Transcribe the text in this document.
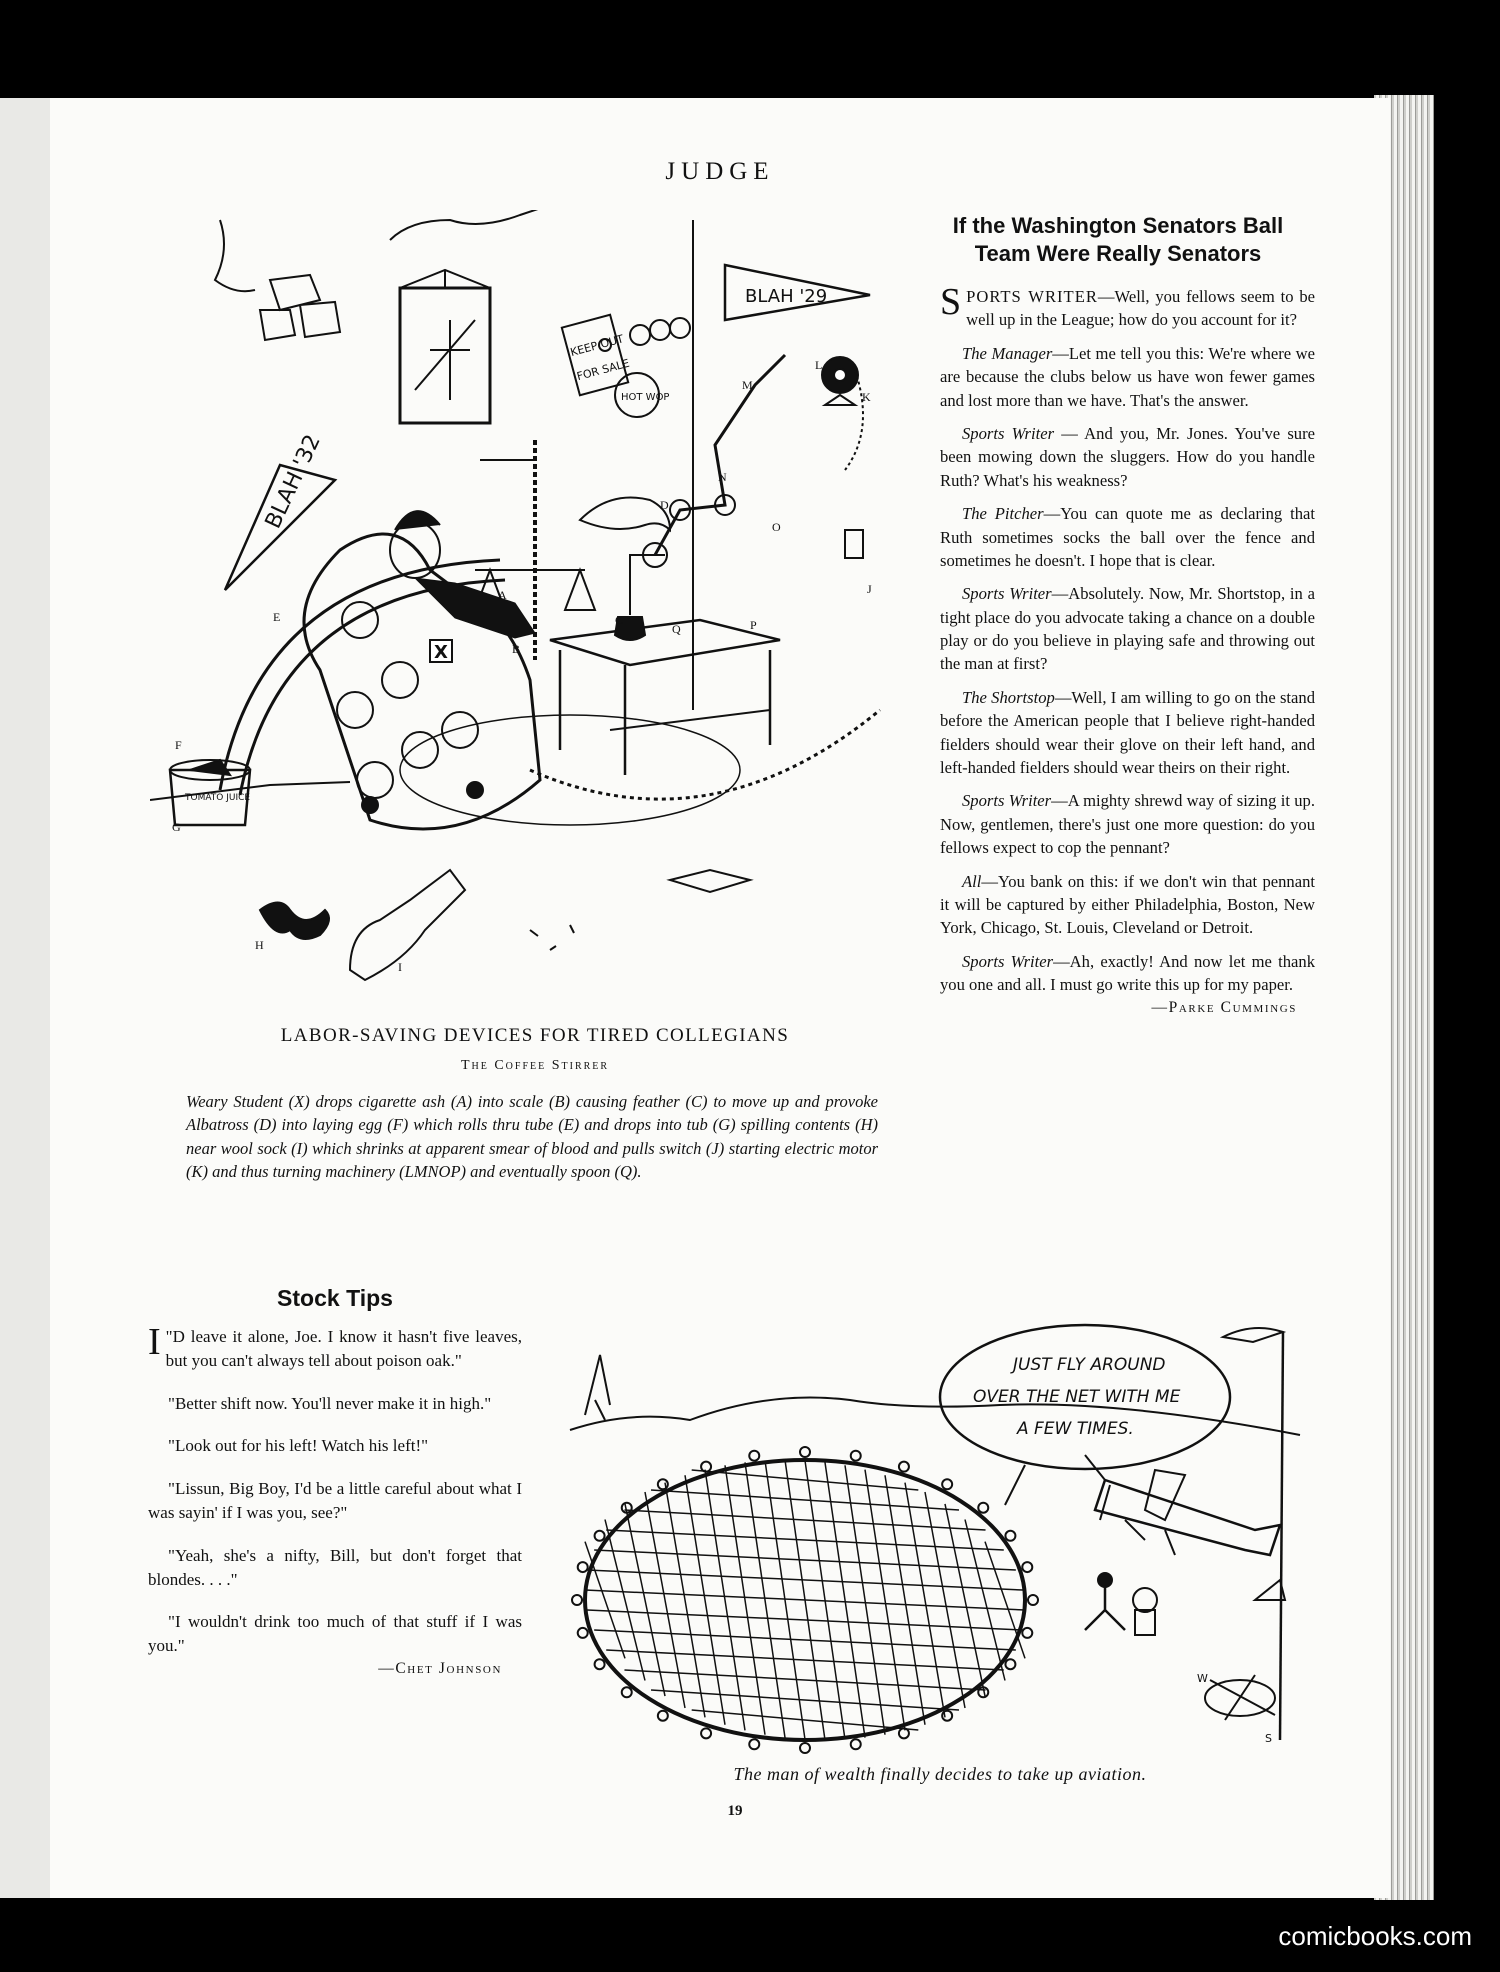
JUDGE
BLAH '32
BLAH '29
KEEP OUT
FOR SALE
HOT WOP
X
TOMATO JUICE
A
B
C
D
E
F
G
H
I
J
K
L
M
N
O
P
Q
LABOR-SAVING DEVICES FOR TIRED COLLEGIANS
The Coffee Stirrer
Weary Student (X) drops cigarette ash (A) into scale (B) causing feather (C) to move up and provoke Albatross (D) into laying egg (F) which rolls thru tube (E) and drops into tub (G) spilling contents (H) near wool sock (I) which shrinks at apparent smear of blood and pulls switch (J) starting electric motor (K) and thus turning machinery (LMNOP) and eventually spoon (Q).
If the Washington Senators Ball
Team Were Really Senators

SPORTS WRITER—Well, you fellows seem to be well up in the League; how do you account for it?

The Manager—Let me tell you this: We're where we are because the clubs below us have won fewer games and lost more than we have. That's the answer.

Sports Writer — And you, Mr. Jones. You've sure been mowing down the sluggers. How do you handle Ruth? What's his weakness?

The Pitcher—You can quote me as declaring that Ruth sometimes socks the ball over the fence and sometimes he doesn't. I hope that is clear.

Sports Writer—Absolutely. Now, Mr. Shortstop, in a tight place do you advocate taking a chance on a double play or do you believe in playing safe and throwing out the man at first?

The Shortstop—Well, I am willing to go on the stand before the American people that I believe right-handed fielders should wear their glove on their left hand, and left-handed fielders should wear theirs on their right.

Sports Writer—A mighty shrewd way of sizing it up. Now, gentlemen, there's just one more question: do you fellows expect to cop the pennant?

All—You bank on this: if we don't win that pennant it will be captured by either Philadelphia, Boston, New York, Chicago, St. Louis, Cleveland or Detroit.

Sports Writer—Ah, exactly! And now let me thank you one and all. I must go write this up for my paper.

—Parke Cummings
Stock Tips

"
I D leave it alone, Joe. I know it hasn't five leaves, but you can't always tell about poison oak."

"Better shift now. You'll never make it in high."

"Look out for his left! Watch his left!"

"Lissun, Big Boy, I'd be a little careful about what I was sayin' if I was you, see?"

"Yeah, she's a nifty, Bill, but don't forget that blondes. . . ."

"I wouldn't drink too much of that stuff if I was you."

—Chet Johnson
JUST FLY AROUND
OVER THE NET WITH ME
A FEW TIMES.
W
S
The man of wealth finally decides to take up aviation.
19
comicbooks.com
